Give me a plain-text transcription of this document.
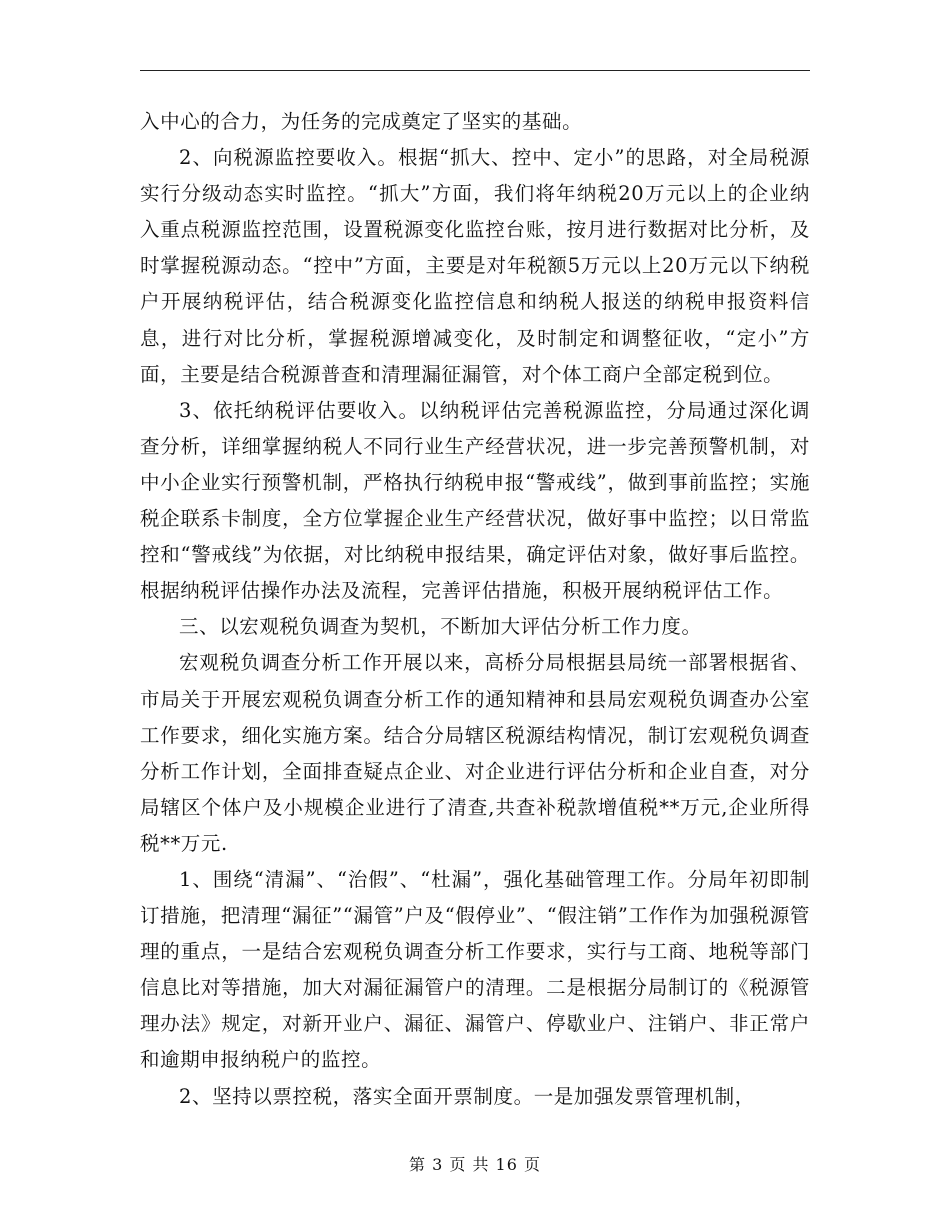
入中心的合力，为任务的完成奠定了坚实的基础。

2、向税源监控要收入。根据“抓大、控中、定小”的思路，对全局税源实行分级动态实时监控。“抓大”方面，我们将年纳税20万元以上的企业纳入重点税源监控范围，设置税源变化监控台账，按月进行数据对比分析，及时掌握税源动态。“控中”方面，主要是对年税额5万元以上20万元以下纳税户开展纳税评估，结合税源变化监控信息和纳税人报送的纳税申报资料信息，进行对比分析，掌握税源增减变化，及时制定和调整征收，“定小”方面，主要是结合税源普查和清理漏征漏管，对个体工商户全部定税到位。

3、依托纳税评估要收入。以纳税评估完善税源监控，分局通过深化调查分析，详细掌握纳税人不同行业生产经营状况，进一步完善预警机制，对中小企业实行预警机制，严格执行纳税申报“警戒线”，做到事前监控；实施税企联系卡制度，全方位掌握企业生产经营状况，做好事中监控；以日常监控和“警戒线”为依据，对比纳税申报结果，确定评估对象，做好事后监控。根据纳税评估操作办法及流程，完善评估措施，积极开展纳税评估工作。

三、以宏观税负调查为契机，不断加大评估分析工作力度。

宏观税负调查分析工作开展以来，高桥分局根据县局统一部署根据省、市局关于开展宏观税负调查分析工作的通知精神和县局宏观税负调查办公室工作要求，细化实施方案。结合分局辖区税源结构情况，制订宏观税负调查分析工作计划，全面排查疑点企业、对企业进行评估分析和企业自查，对分局辖区个体户及小规模企业进行了清查,共查补税款增值税**万元,企业所得税**万元.

1、围绕“清漏”、“治假”、“杜漏”，强化基础管理工作。分局年初即制订措施，把清理“漏征”“漏管”户及“假停业”、“假注销”工作作为加强税源管理的重点，一是结合宏观税负调查分析工作要求，实行与工商、地税等部门信息比对等措施，加大对漏征漏管户的清理。二是根据分局制订的《税源管理办法》规定，对新开业户、漏征、漏管户、停歇业户、注销户、非正常户和逾期申报纳税户的监控。

2、坚持以票控税，落实全面开票制度。一是加强发票管理机制，

第 3 页 共 16 页
